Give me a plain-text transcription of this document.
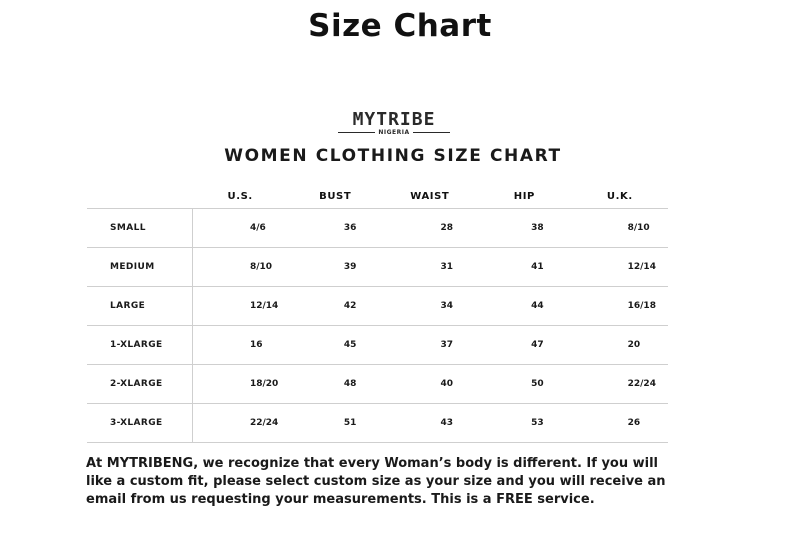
Size Chart
MYTRIBE
NIGERIA
WOMEN CLOTHING SIZE CHART
	U.S.	BUST	WAIST	HIP	U.K.
SMALL	4/6	36	28	38	8/10
MEDIUM	8/10	39	31	41	12/14
LARGE	12/14	42	34	44	16/18
1-XLARGE	16	45	37	47	20
2-XLARGE	18/20	48	40	50	22/24
3-XLARGE	22/24	51	43	53	26
At MYTRIBENG, we recognize that every Woman’s body is different. If you will like a custom fit, please select custom size as your size and you will receive an email from us requesting your measurements. This is a FREE service.
